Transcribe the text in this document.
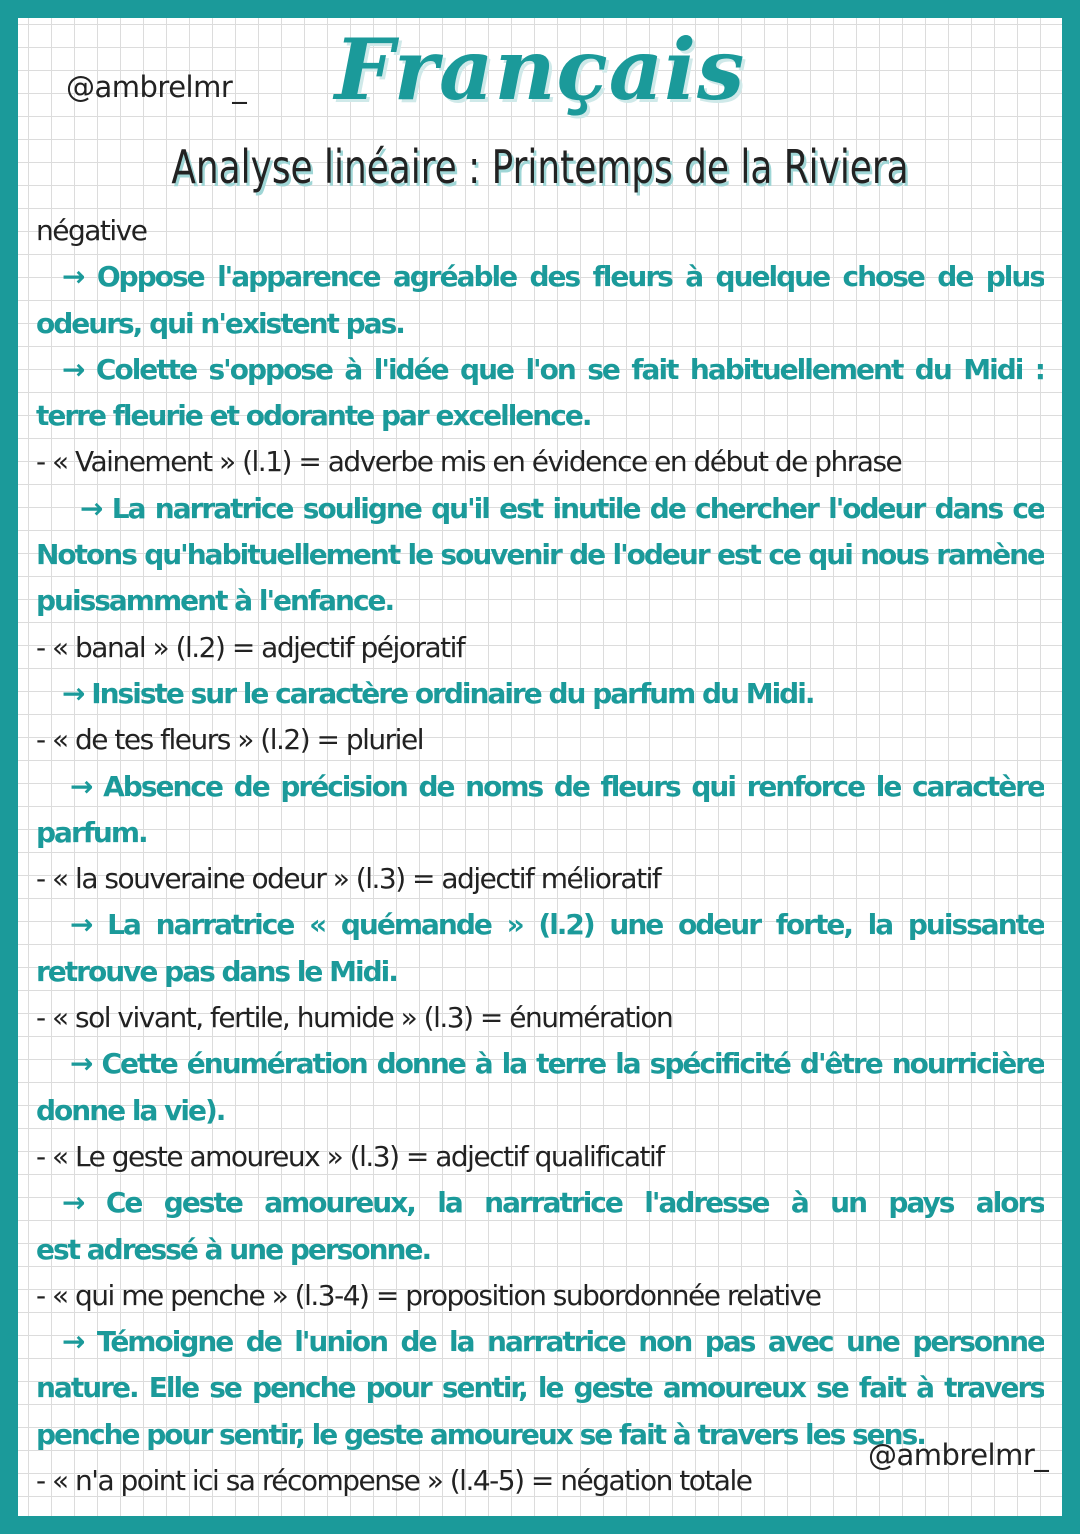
@ambrelmr_	Français
Analyse linéaire : Printemps de la Riviera
négative
→ Oppose l'apparence agréable des fleurs à quelque chose de plus
odeurs, qui n'existent pas.
→ Colette s'oppose à l'idée que l'on se fait habituellement du Midi :
terre fleurie et odorante par excellence.
- « Vainement » (l.1) = adverbe mis en évidence en début de phrase
→ La narratrice souligne qu'il est inutile de chercher l'odeur dans ce
Notons qu'habituellement le souvenir de l'odeur est ce qui nous ramène
puissamment à l'enfance.
- « banal » (l.2) = adjectif péjoratif
→ Insiste sur le caractère ordinaire du parfum du Midi.
- « de tes fleurs » (l.2) = pluriel
→ Absence de précision de noms de fleurs qui renforce le caractère
parfum.
- « la souveraine odeur » (l.3) = adjectif mélioratif
→ La narratrice « quémande » (l.2) une odeur forte, la puissante
retrouve pas dans le Midi.
- « sol vivant, fertile, humide » (l.3) = énumération
→ Cette énumération donne à la terre la spécificité d'être nourricière
donne la vie).
- « Le geste amoureux » (l.3) = adjectif qualificatif
→ Ce geste amoureux, la narratrice l'adresse à un pays alors
est adressé à une personne.
- « qui me penche » (l.3-4) = proposition subordonnée relative
→ Témoigne de l'union de la narratrice non pas avec une personne
nature. Elle se penche pour sentir, le geste amoureux se fait à travers
penche pour sentir, le geste amoureux se fait à travers les sens.
- « n'a point ici sa récompense » (l.4-5) = négation totale
@ambrelmr_
